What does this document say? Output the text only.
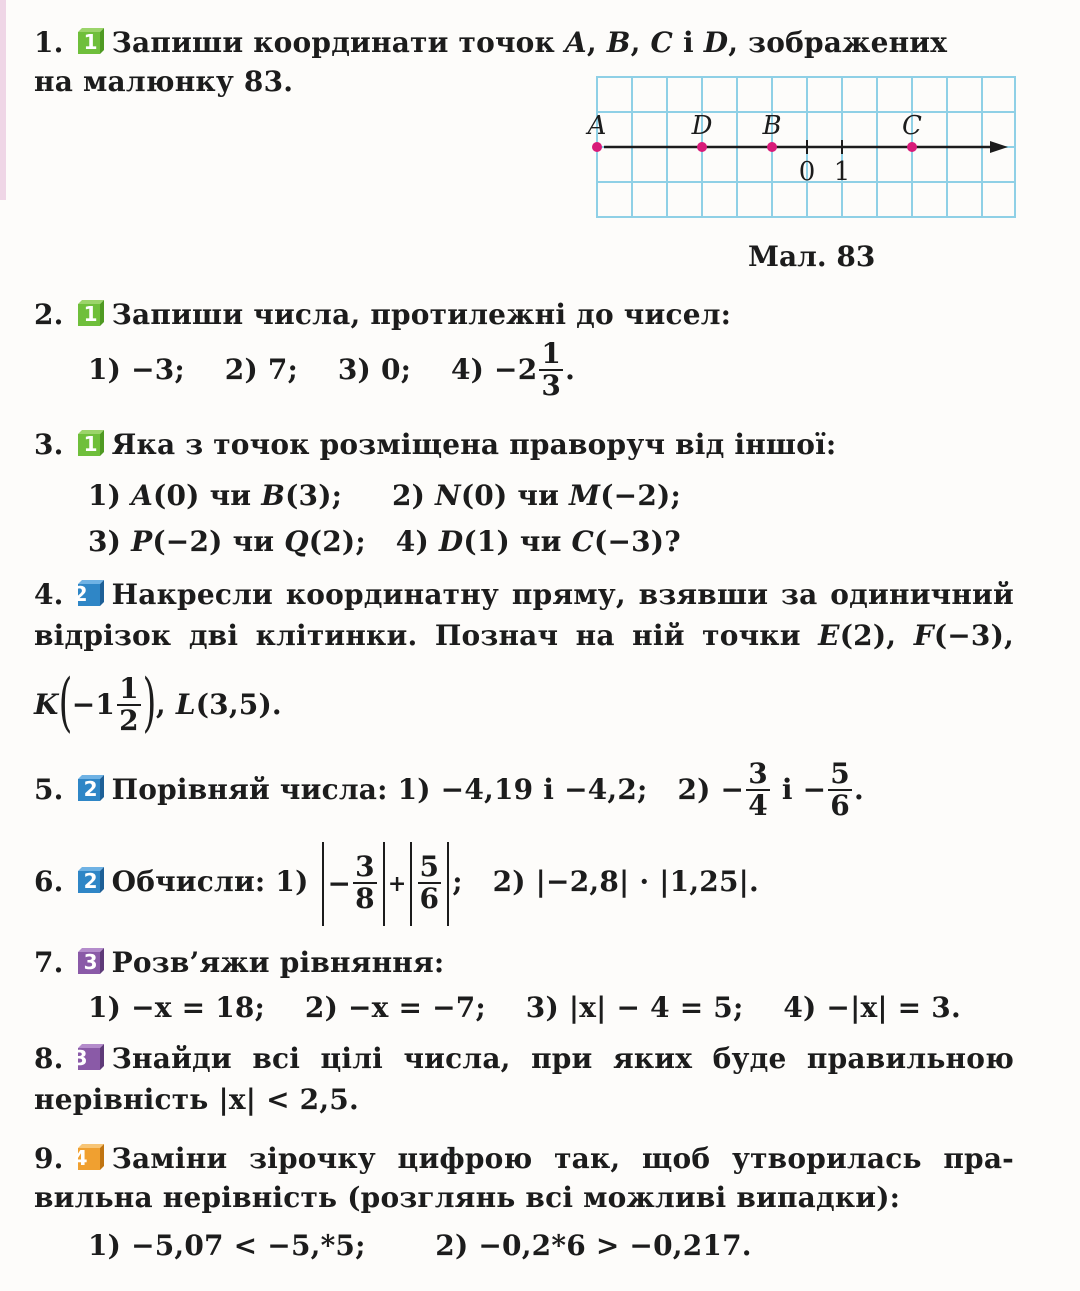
1. 1 Запиши координати точок A, B, C і D, зображених
на малюнку 83.
0 1
A	D B	C
Мал. 83
2. 1 Запиши числа, протилежні до чисел:
1) −3; 2) 7; 3) 0; $4) -2 \frac{1}{3}$ .
3. 1 Яка з точок розміщена праворуч від іншої:
1) A(0) чи B(3); 2) N(0) чи M(−2);
3) P(−2) чи Q(2); 4) D(1) чи C(−3)?
4. 2 Накресли координатну пряму, взявши за одиничний
відрізок дві клітинки. Познач на ній точки E(2), F(−3),
$K(-1 \frac{1}{2}$ ), L(3,5).
5. 2 Порівняй числа: 1) −4,19 і −4,2; $2) - \frac{3}{4}$ $і - \frac{5}{6}$ .
6. 2 Обчисли: $1) - \frac{3}{8} + \frac{5}{6}$ ; 2) |−2,8| · |1,25|.
7. 3 Розв’яжи рівняння:
1) −x = 18; 2) −x = −7; 3) |x| − 4 = 5; 4) −|x| = 3.
8. 3 Знайди всі цілі числа, при яких буде правильною
нерівність |x| < 2,5.
9. 4 Заміни зірочку цифрою так, щоб утворилась пра-
вильна нерівність (розглянь всі можливі випадки):
1) −5,07 < −5,*5; 2) −0,2*6 > −0,217.
